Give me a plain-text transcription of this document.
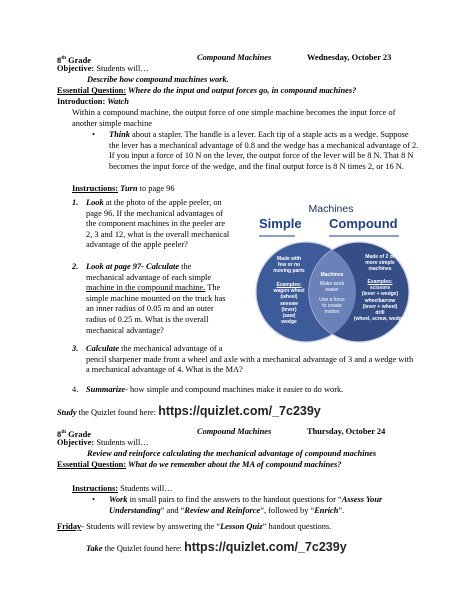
8th Grade	Compound Machines	Wednesday, October 23
Objective: Students will…
Describe how compound machines work.
Essential Question: Where do the input and output forces go, in compound machines?
Introduction: Watch
Within a compound machine, the output force of one simple machine becomes the input force of
another simple machine
• Think about a stapler. The handle is a lever. Each tip of a staple acts as a wedge. Suppose
the lever has a mechanical advantage of 0.8 and the wedge has a mechanical advantage of 2.
If you input a force of 10 N on the lever, the output force of the lever will be 8 N. That 8 N
becomes the input force of the wedge, and the final output force is 8 N times 2, or 16 N.
Instructions: Turn to page 96
1. Look at the photo of the apple peeler, on
page 96. If the mechanical advantages of
the component machines in the peeler are
2, 3 and 12, what is the overall mechanical
advantage of the apple peeler?
2. Look at page 97- Calculate the
mechanical advantage of each simple
machine in the compound machine. The
simple machine mounted on the truck has
an inner radius of 0.05 m and an outer
radius of 0.25 m. What is the overall
mechanical advantage?
Machines
Simple Compound
Made with
few or no
moving parts
Examples:
wagon wheel
(wheel)
seesaw
(lever)
(saw)
wedge
Machines
Make work
easier
Use a force
to create
motion
Made of 2 or
more simple
machines
Examples:
scissors
(lever + wedge)
wheelbarrow
(lever + wheel)
drill
(wheel, screw, wedge)
3. Calculate the mechanical advantage of a
pencil sharpener made from a wheel and axle with a mechanical advantage of 3 and a wedge with
a mechanical advantage of 4. What is the MA?
4. Summarize- how simple and compound machines make it easier to do work.
Study the Quizlet found here: https://quizlet.com/_7c239y
8th Grade	Compound Machines	Thursday, October 24
Objective: Students will…
Review and reinforce calculating the mechanical advantage of compound machines
Essential Question: What do we remember about the MA of compound machines?
Instructions: Students will…
• Work in small pairs to find the answers to the handout questions for “Assess Your
Understanding” and “Review and Reinforce”, followed by “Enrich”.
Friday- Students will review by answering the “Lesson Quiz” handout questions.
Take the Quizlet found here: https://quizlet.com/_7c239y
